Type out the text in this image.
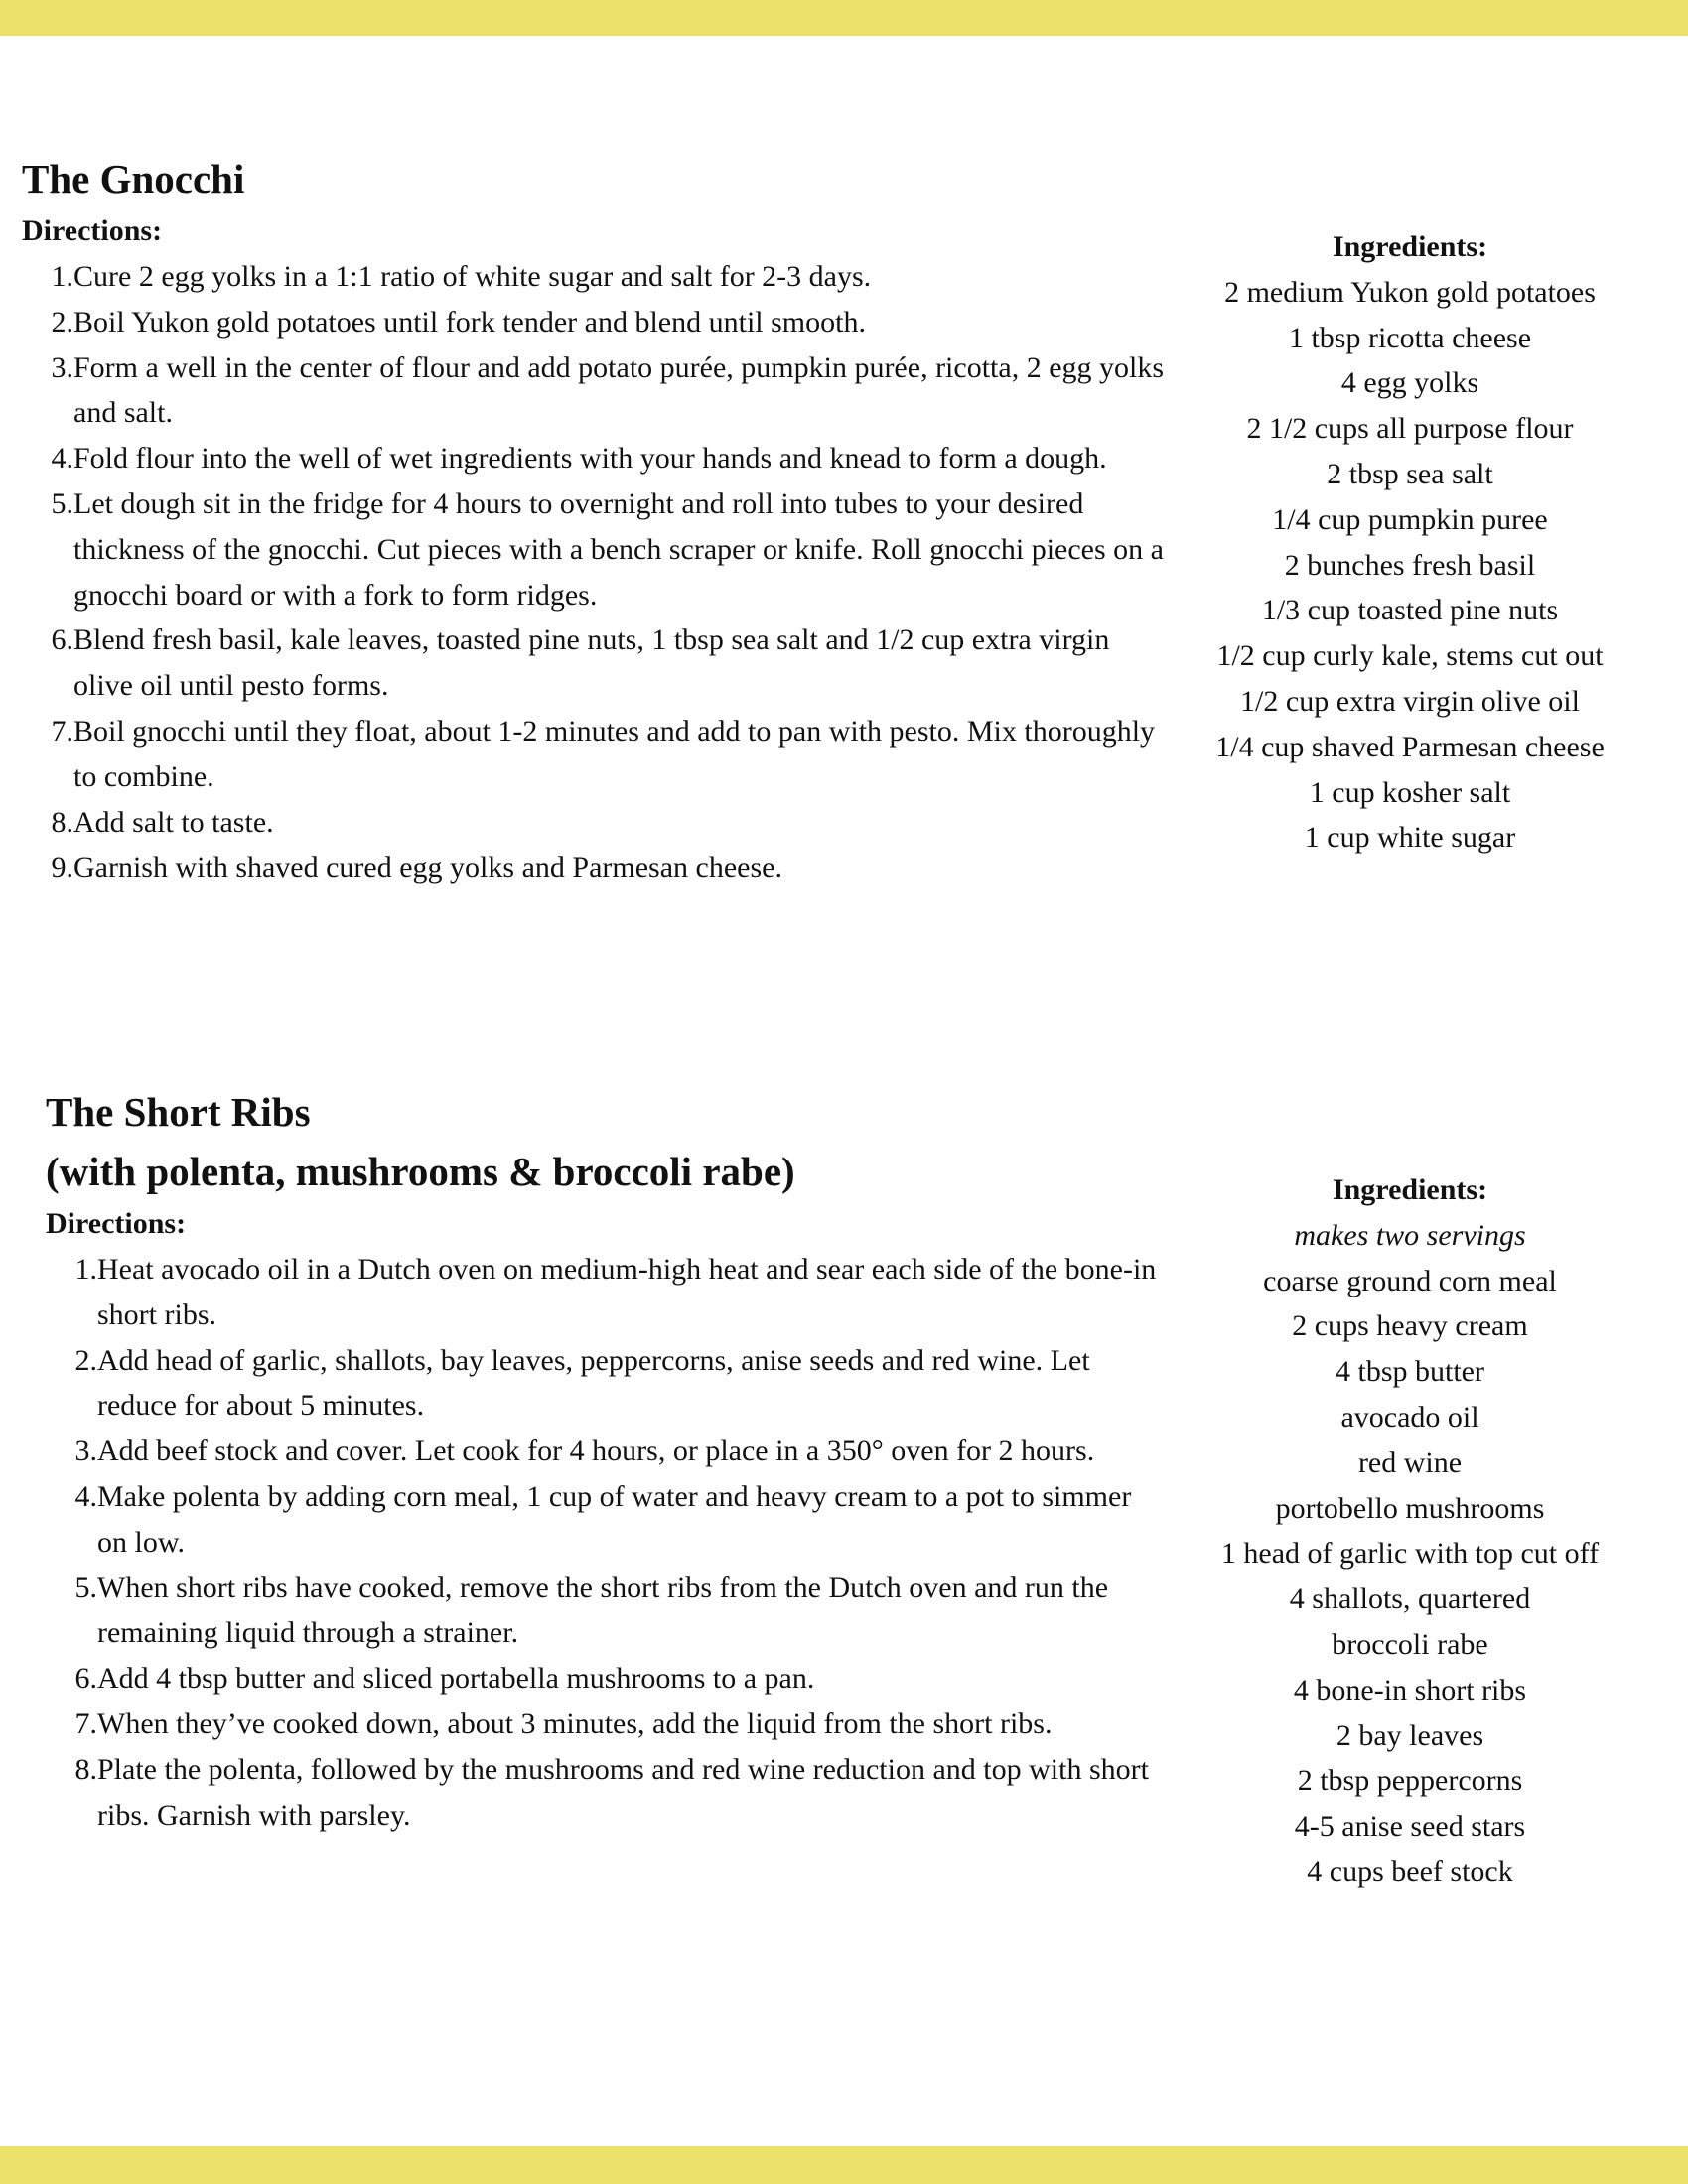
The Gnocchi
Directions:
1. Cure 2 egg yolks in a 1:1 ratio of white sugar and salt for 2-3 days.
2. Boil Yukon gold potatoes until fork tender and blend until smooth.
3. Form a well in the center of flour and add potato purée, pumpkin purée, ricotta, 2 egg yolks and salt.
4. Fold flour into the well of wet ingredients with your hands and knead to form a dough.
5. Let dough sit in the fridge for 4 hours to overnight and roll into tubes to your desired thickness of the gnocchi. Cut pieces with a bench scraper or knife. Roll gnocchi pieces on a gnocchi board or with a fork to form ridges.
6. Blend fresh basil, kale leaves, toasted pine nuts, 1 tbsp sea salt and 1/2 cup extra virgin olive oil until pesto forms.
7. Boil gnocchi until they float, about 1-2 minutes and add to pan with pesto. Mix thoroughly to combine.
8. Add salt to taste.
9. Garnish with shaved cured egg yolks and Parmesan cheese.
Ingredients:
2 medium Yukon gold potatoes
1 tbsp ricotta cheese
4 egg yolks
2 1/2 cups all purpose flour
2 tbsp sea salt
1/4 cup pumpkin puree
2 bunches fresh basil
1/3 cup toasted pine nuts
1/2 cup curly kale, stems cut out
1/2 cup extra virgin olive oil
1/4 cup shaved Parmesan cheese
1 cup kosher salt
1 cup white sugar
The Short Ribs
(with polenta, mushrooms & broccoli rabe)
Directions:
1. Heat avocado oil in a Dutch oven on medium-high heat and sear each side of the bone-in short ribs.
2. Add head of garlic, shallots, bay leaves, peppercorns, anise seeds and red wine. Let reduce for about 5 minutes.
3. Add beef stock and cover. Let cook for 4 hours, or place in a 350° oven for 2 hours.
4. Make polenta by adding corn meal, 1 cup of water and heavy cream to a pot to simmer on low.
5. When short ribs have cooked, remove the short ribs from the Dutch oven and run the remaining liquid through a strainer.
6. Add 4 tbsp butter and sliced portabella mushrooms to a pan.
7. When they’ve cooked down, about 3 minutes, add the liquid from the short ribs.
8. Plate the polenta, followed by the mushrooms and red wine reduction and top with short ribs. Garnish with parsley.
Ingredients:
makes two servings
coarse ground corn meal
2 cups heavy cream
4 tbsp butter
avocado oil
red wine
portobello mushrooms
1 head of garlic with top cut off
4 shallots, quartered
broccoli rabe
4 bone-in short ribs
2 bay leaves
2 tbsp peppercorns
4-5 anise seed stars
4 cups beef stock
